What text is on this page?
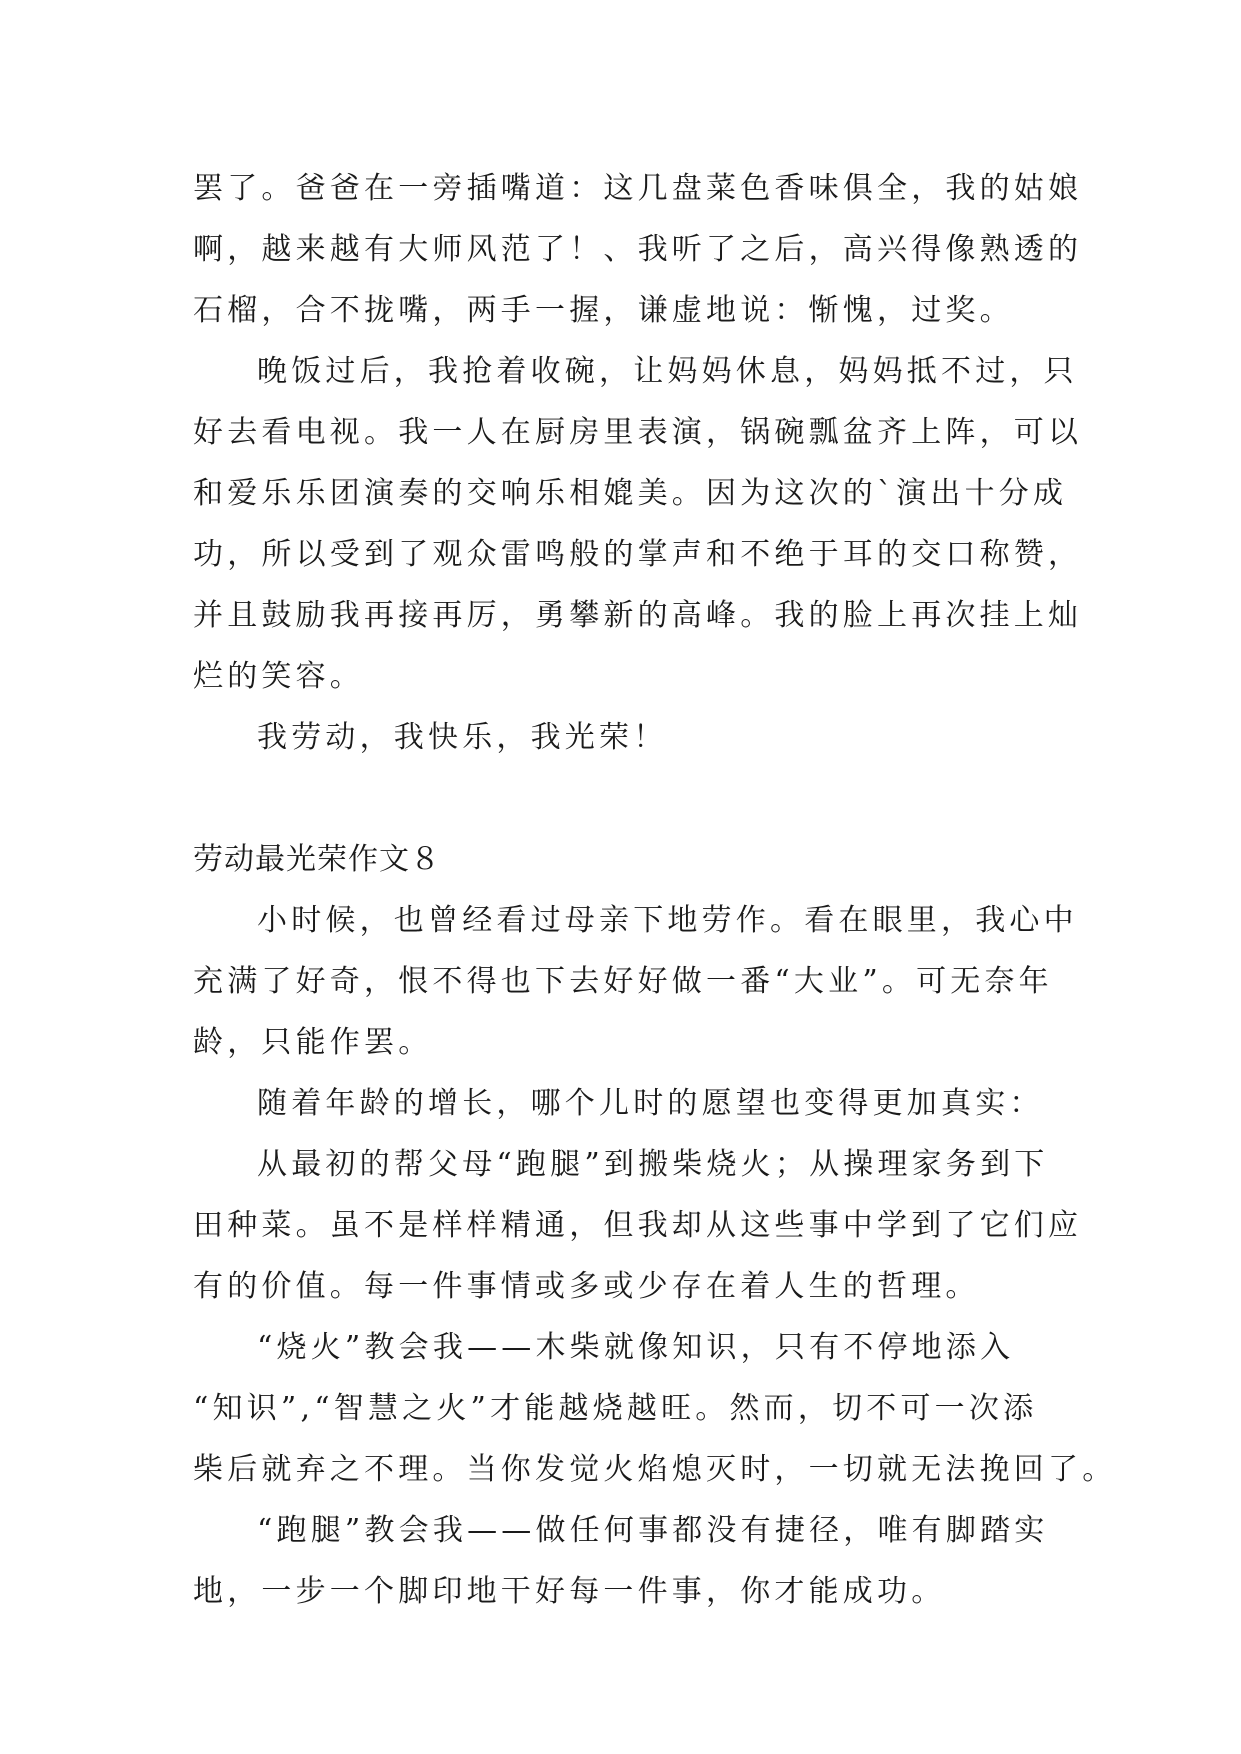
罢了。爸爸在一旁插嘴道：这几盘菜色香味俱全，我的姑娘
啊，越来越有大师风范了！、我听了之后，高兴得像熟透的
石榴，合不拢嘴，两手一握，谦虚地说：惭愧，过奖。
晚饭过后，我抢着收碗，让妈妈休息，妈妈抵不过，只
好去看电视。我一人在厨房里表演，锅碗瓢盆齐上阵，可以
和爱乐乐团演奏的交响乐相媲美。因为这次的`演出十分成
功，所以受到了观众雷鸣般的掌声和不绝于耳的交口称赞，
并且鼓励我再接再厉，勇攀新的高峰。我的脸上再次挂上灿
烂的笑容。
我劳动，我快乐，我光荣！
劳动最光荣作文８
小时候，也曾经看过母亲下地劳作。看在眼里，我心中
充满了好奇，恨不得也下去好好做一番“大业”。可无奈年
龄，只能作罢。
随着年龄的增长，哪个儿时的愿望也变得更加真实：
从最初的帮父母“跑腿”到搬柴烧火；从操理家务到下
田种菜。虽不是样样精通，但我却从这些事中学到了它们应
有的价值。每一件事情或多或少存在着人生的哲理。
“烧火”教会我——木柴就像知识，只有不停地添入
“知识”,“智慧之火”才能越烧越旺。然而，切不可一次添
柴后就弃之不理。当你发觉火焰熄灭时，一切就无法挽回了。
“跑腿”教会我——做任何事都没有捷径，唯有脚踏实
地，一步一个脚印地干好每一件事，你才能成功。
